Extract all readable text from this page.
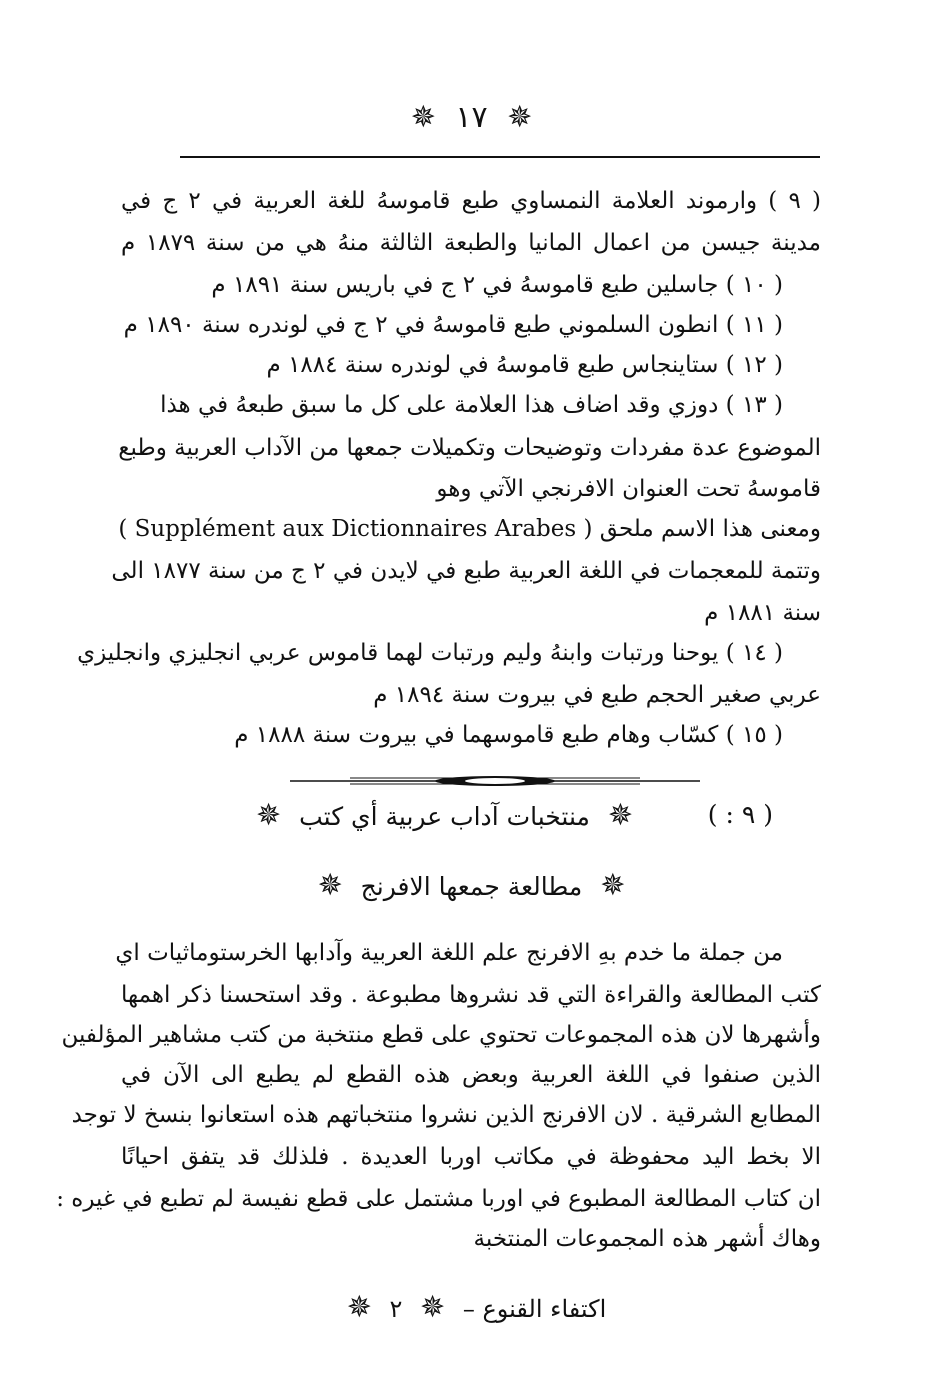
✵ ١٧ ✵
( ٩ ) وارموند العلامة النمساوي طبع قاموسهُ للغة العربية في ٢ ج في
مدينة جيسن من اعمال المانيا والطبعة الثالثة منهُ هي من سنة ١٨٧٩ م
( ١٠ ) جاسلين طبع قاموسهُ في ٢ ج في باريس سنة ١٨٩١ م
( ١١ ) انطون السلموني طبع قاموسهُ في ٢ ج في لوندره سنة ١٨٩٠ م
( ١٢ ) ستاينجاس طبع قاموسهُ في لوندره سنة ١٨٨٤ م
( ١٣ ) دوزي وقد اضاف هذا العلامة على كل ما سبق طبعهُ في هذا
الموضوع عدة مفردات وتوضيحات وتكميلات جمعها من الآداب العربية وطبع
قاموسهُ تحت العنوان الافرنجي الآتي وهو
ومعنى هذا الاسم ملحق ( Supplément aux Dictionnaires Arabes )
وتتمة للمعجمات في اللغة العربية طبع في لايدن في ٢ ج من سنة ١٨٧٧ الى
سنة ١٨٨١ م
( ١٤ ) يوحنا ورتبات وابنهُ وليم ورتبات لهما قاموس عربي انجليزي وانجليزي
عربي صغير الحجم طبع في بيروت سنة ١٨٩٤ م
( ١٥ ) كسّاب وهام طبع قاموسهما في بيروت سنة ١٨٨٨ م
( ٩ : )
✵ منتخبات آداب عربية أي كتب ✵
✵ مطالعة جمعها الافرنج ✵
من جملة ما خدم بهِ الافرنج علم اللغة العربية وآدابها الخرستوماثيات اي
كتب المطالعة والقراءة التي قد نشروها مطبوعة . وقد استحسنا ذكر اهمها
وأشهرها لان هذه المجموعات تحتوي على قطع منتخبة من كتب مشاهير المؤلفين
الذين صنفوا في اللغة العربية وبعض هذه القطع لم يطبع الى الآن في
المطابع الشرقية . لان الافرنج الذين نشروا منتخباتهم هذه استعانوا بنسخ لا توجد
الا بخط اليد محفوظة في مكاتب اوربا العديدة . فلذلك قد يتفق احيانًا
ان كتاب المطالعة المطبوع في اوربا مشتمل على قطع نفيسة لم تطبع في غيره :
وهاك أشهر هذه المجموعات المنتخبة
اكتفاء القنوع – ✵ ٢ ✵
